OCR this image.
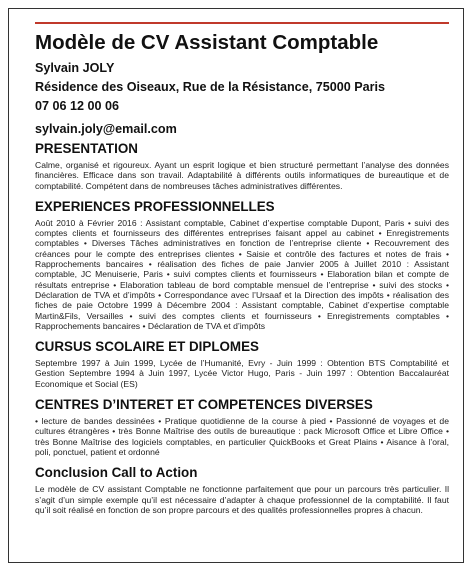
Modèle de CV Assistant Comptable

Sylvain JOLY

Résidence des Oiseaux, Rue de la Résistance, 75000 Paris

07 06 12 00 06

sylvain.joly@email.com

PRESENTATION

Calme, organisé et rigoureux. Ayant un esprit logique et bien structuré permettant l’analyse des données financières. Efficace dans son travail. Adaptabilité à différents outils informatiques de bureautique et de comptabilité. Compétent dans de nombreuses tâches administratives différentes.

EXPERIENCES PROFESSIONNELLES

Août 2010 à Février 2016 : Assistant comptable, Cabinet d’expertise comptable Dupont, Paris • suivi des comptes clients et fournisseurs des différentes entreprises faisant appel au cabinet • Enregistrements comptables • Diverses Tâches administratives en fonction de l’entreprise cliente • Recouvrement des créances pour le compte des entreprises clientes • Saisie et contrôle des factures et notes de frais • Rapprochements bancaires • réalisation des fiches de paie Janvier 2005 à Juillet 2010 : Assistant comptable, JC Menuiserie, Paris • suivi comptes clients et fournisseurs • Elaboration bilan et compte de résultats entreprise • Elaboration tableau de bord comptable mensuel de l’entreprise • suivi des stocks • Déclaration de TVA et d’impôts • Correspondance avec l’Ursaaf et la Direction des impôts • réalisation des fiches de paie Octobre 1999 à Décembre 2004 : Assistant comptable, Cabinet d’expertise comptable Martin&Fils, Versailles • suivi des comptes clients et fournisseurs • Enregistrements comptables • Rapprochements bancaires • Déclaration de TVA et d’impôts

CURSUS SCOLAIRE ET DIPLOMES

Septembre 1997 à Juin 1999, Lycée de l’Humanité, Evry - Juin 1999 : Obtention BTS Comptabilité et Gestion Septembre 1994 à Juin 1997, Lycée Victor Hugo, Paris - Juin 1997 : Obtention Baccalauréat Economique et Social (ES)

CENTRES D’INTERET ET COMPETENCES DIVERSES

• lecture de bandes dessinées • Pratique quotidienne de la course à pied • Passionné de voyages et de cultures étrangères • très Bonne Maîtrise des outils de bureautique : pack Microsoft Office et Libre Office • très Bonne Maîtrise des logiciels comptables, en particulier QuickBooks et Great Plains • Aisance à l’oral, poli, ponctuel, patient et ordonné

Conclusion Call to Action

Le modèle de CV assistant Comptable ne fonctionne parfaitement que pour un parcours très particulier. Il s’agit d’un simple exemple qu’il est nécessaire d’adapter à chaque professionnel de la comptabilité. Il faut qu’il soit réalisé en fonction de son propre parcours et des qualités professionnelles propres à chacun.
